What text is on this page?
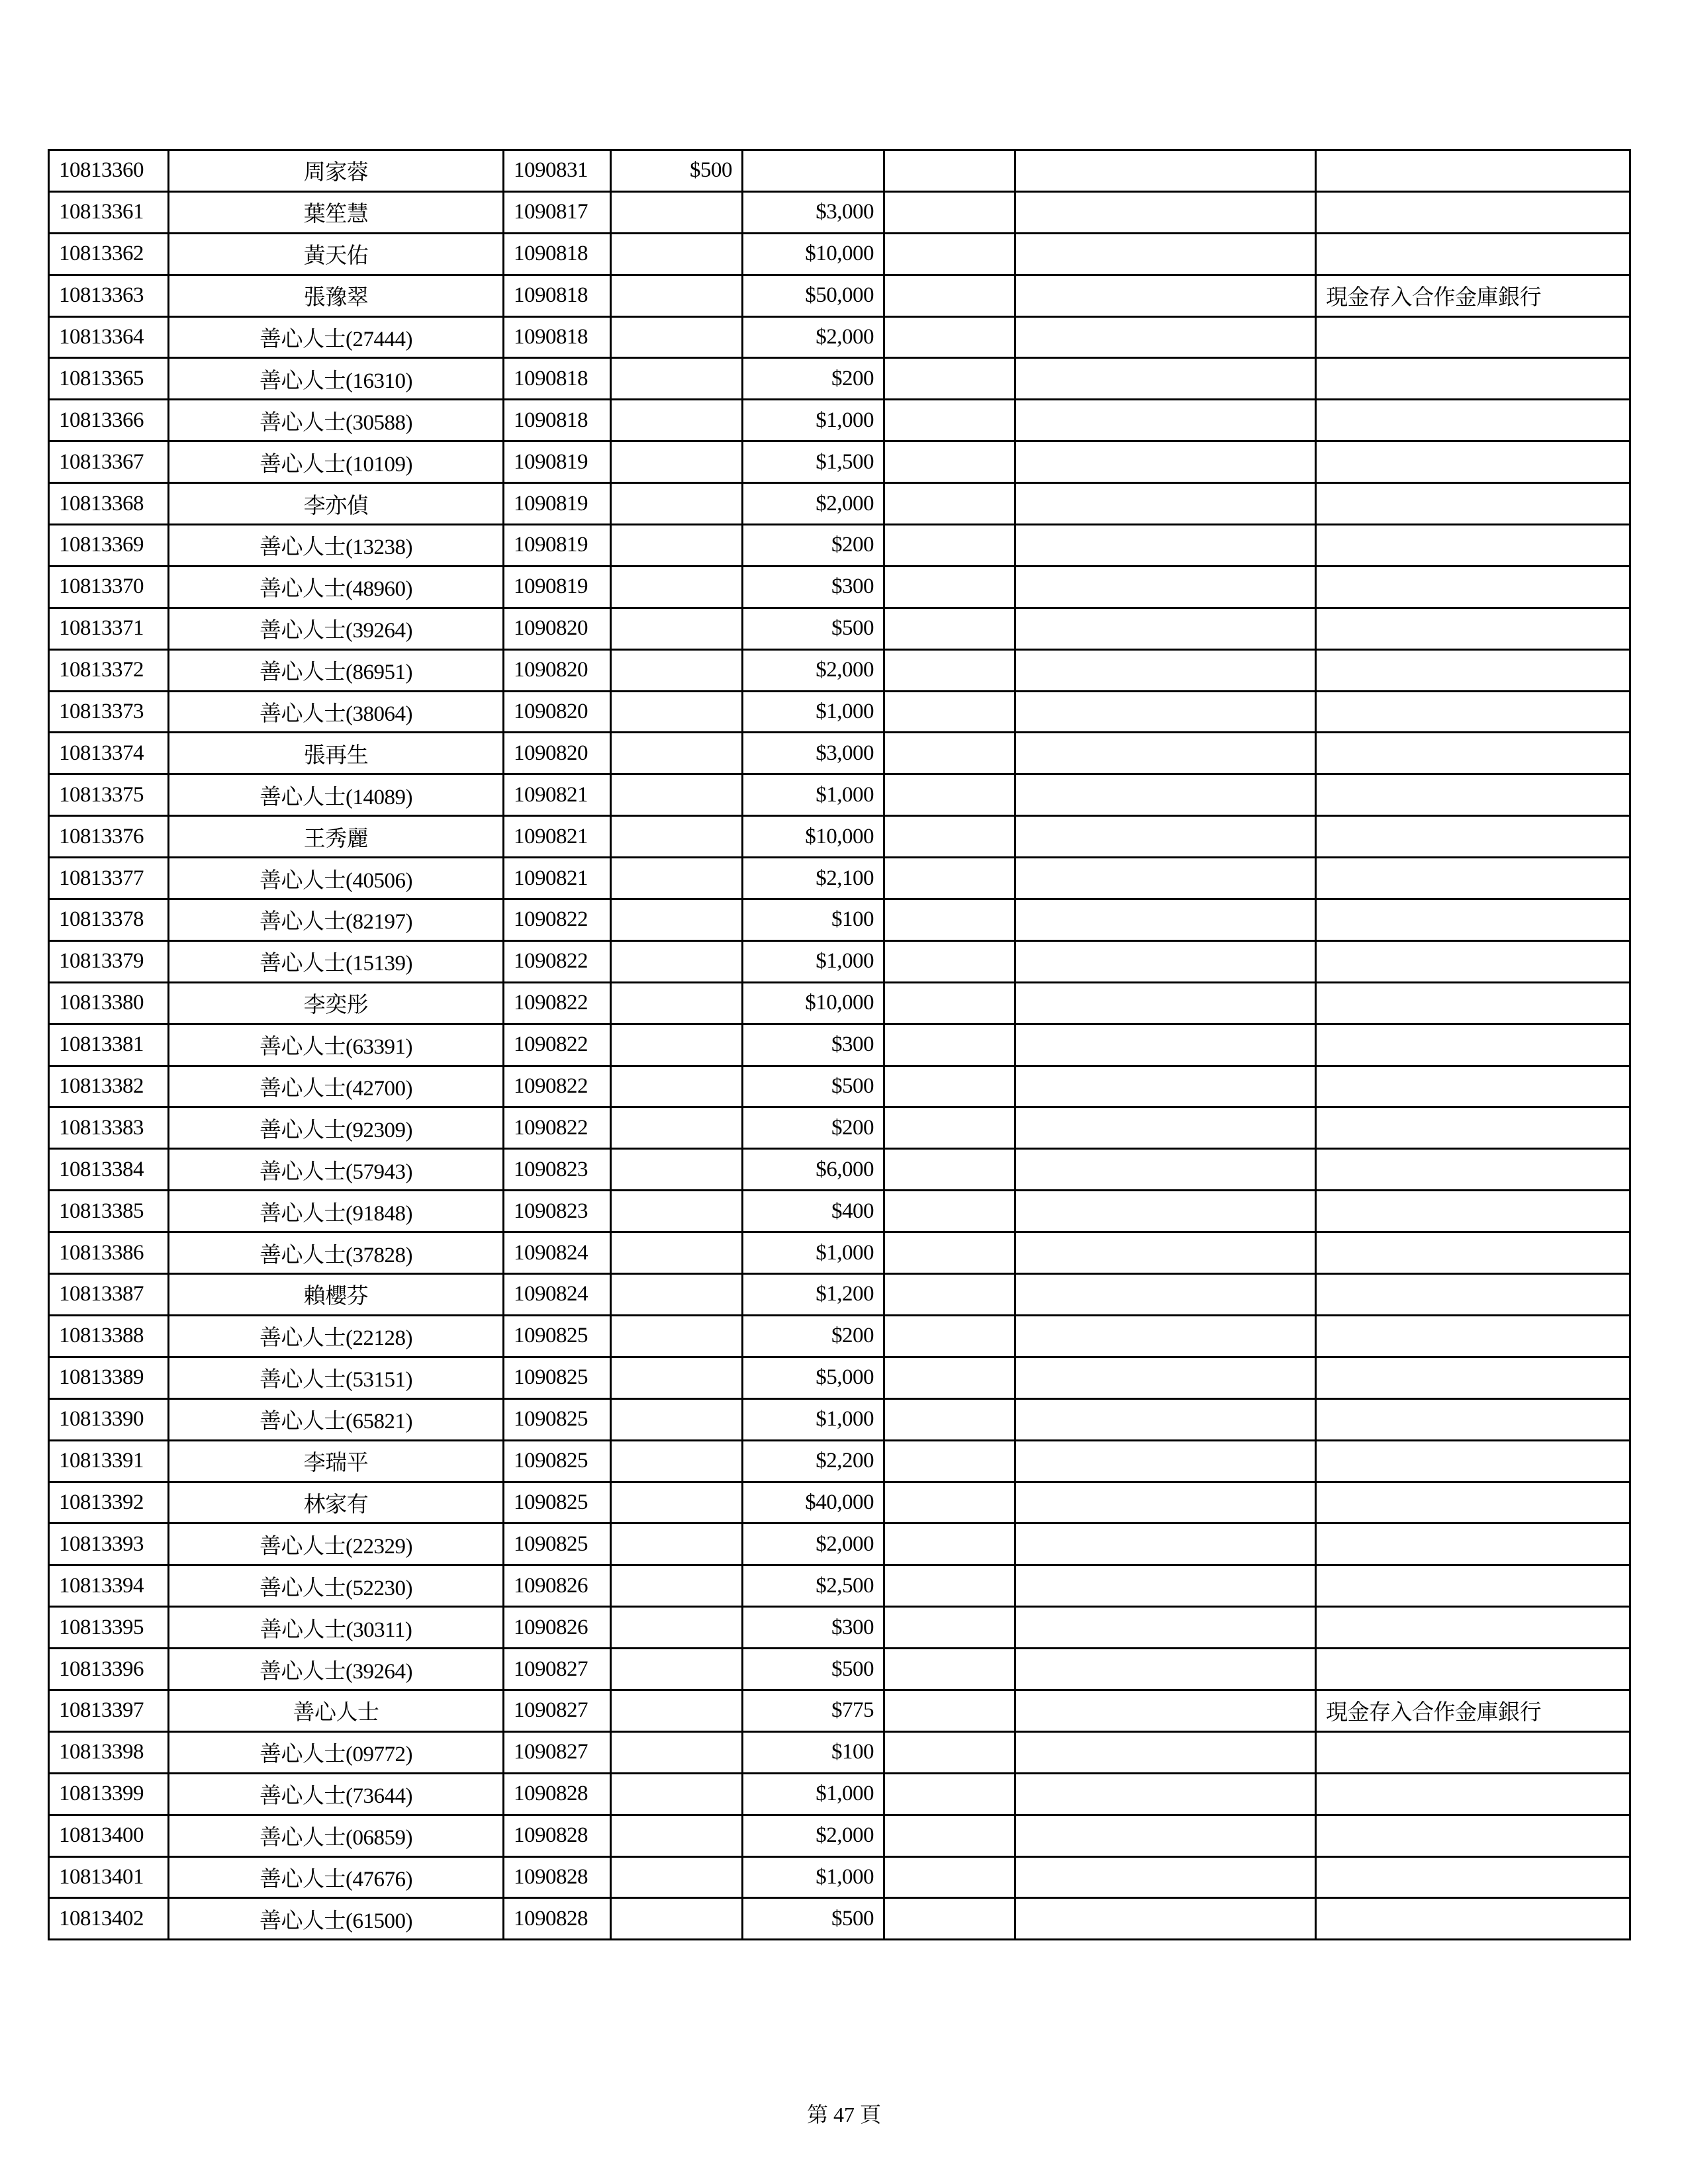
10813360	周家蓉	1090831	$500				
10813361	葉笙慧	1090817		$3,000			
10813362	黃天佑	1090818		$10,000			
10813363	張豫翠	1090818		$50,000			現金存入合作金庫銀行
10813364	善心人士(27444)	1090818		$2,000			
10813365	善心人士(16310)	1090818		$200			
10813366	善心人士(30588)	1090818		$1,000			
10813367	善心人士(10109)	1090819		$1,500			
10813368	李亦偵	1090819		$2,000			
10813369	善心人士(13238)	1090819		$200			
10813370	善心人士(48960)	1090819		$300			
10813371	善心人士(39264)	1090820		$500			
10813372	善心人士(86951)	1090820		$2,000			
10813373	善心人士(38064)	1090820		$1,000			
10813374	張再生	1090820		$3,000			
10813375	善心人士(14089)	1090821		$1,000			
10813376	王秀麗	1090821		$10,000			
10813377	善心人士(40506)	1090821		$2,100			
10813378	善心人士(82197)	1090822		$100			
10813379	善心人士(15139)	1090822		$1,000			
10813380	李奕彤	1090822		$10,000			
10813381	善心人士(63391)	1090822		$300			
10813382	善心人士(42700)	1090822		$500			
10813383	善心人士(92309)	1090822		$200			
10813384	善心人士(57943)	1090823		$6,000			
10813385	善心人士(91848)	1090823		$400			
10813386	善心人士(37828)	1090824		$1,000			
10813387	賴櫻芬	1090824		$1,200			
10813388	善心人士(22128)	1090825		$200			
10813389	善心人士(53151)	1090825		$5,000			
10813390	善心人士(65821)	1090825		$1,000			
10813391	李瑞平	1090825		$2,200			
10813392	林家有	1090825		$40,000			
10813393	善心人士(22329)	1090825		$2,000			
10813394	善心人士(52230)	1090826		$2,500			
10813395	善心人士(30311)	1090826		$300			
10813396	善心人士(39264)	1090827		$500			
10813397	善心人士	1090827		$775			現金存入合作金庫銀行
10813398	善心人士(09772)	1090827		$100			
10813399	善心人士(73644)	1090828		$1,000			
10813400	善心人士(06859)	1090828		$2,000			
10813401	善心人士(47676)	1090828		$1,000			
10813402	善心人士(61500)	1090828		$500			
第 47 頁
